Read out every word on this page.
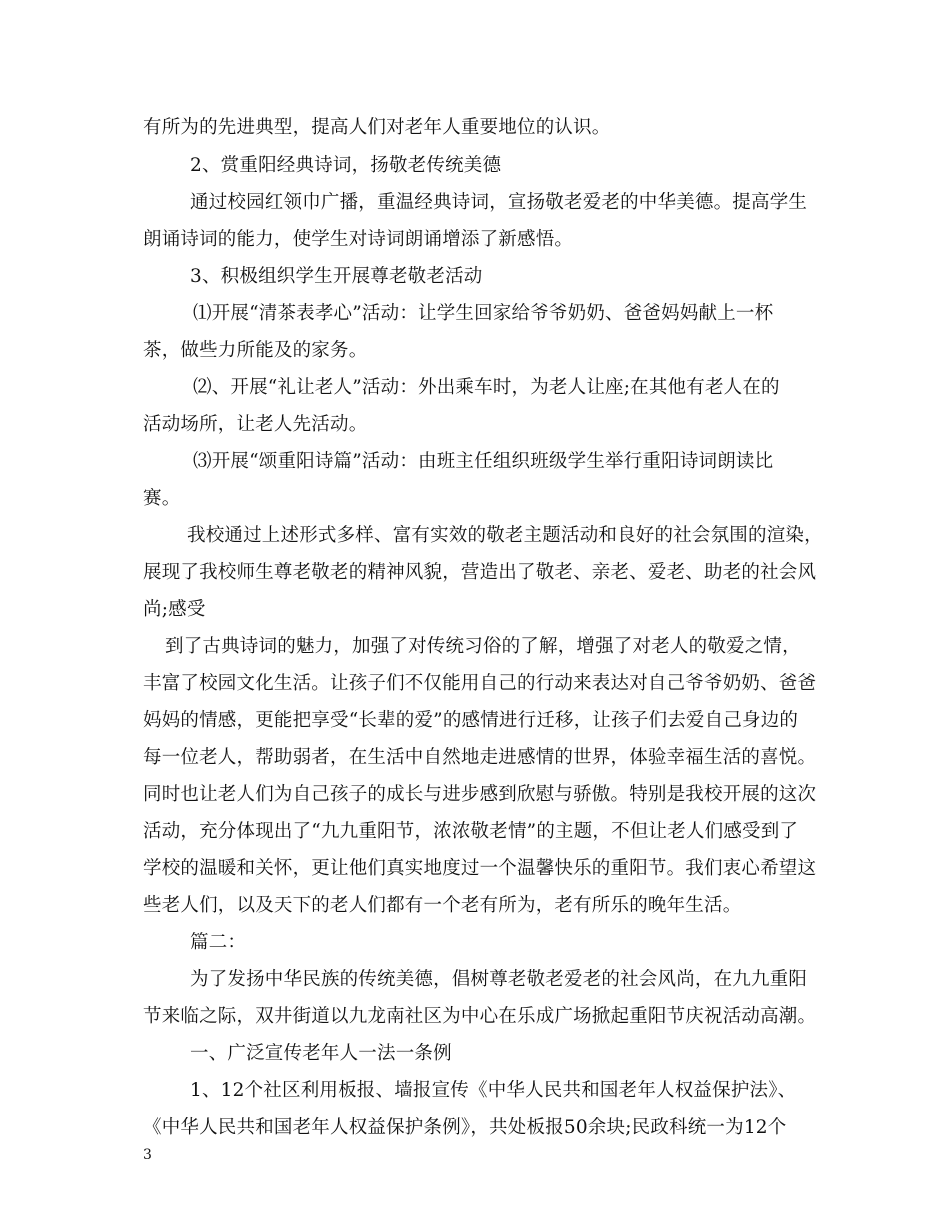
有所为的先进典型，提高人们对老年人重要地位的认识。
2、赏重阳经典诗词，扬敬老传统美德
通过校园红领巾广播，重温经典诗词，宣扬敬老爱老的中华美德。提高学生
朗诵诗词的能力，使学生对诗词朗诵增添了新感悟。
3、积极组织学生开展尊老敬老活动
⑴开展“清茶表孝心”活动：让学生回家给爷爷奶奶、爸爸妈妈献上一杯
茶，做些力所能及的家务。
⑵、开展“礼让老人”活动：外出乘车时，为老人让座;在其他有老人在的
活动场所，让老人先活动。
⑶开展“颂重阳诗篇”活动：由班主任组织班级学生举行重阳诗词朗读比
赛。
我校通过上述形式多样、富有实效的敬老主题活动和良好的社会氛围的渲染，
展现了我校师生尊老敬老的精神风貌，营造出了敬老、亲老、爱老、助老的社会风
尚;感受
到了古典诗词的魅力，加强了对传统习俗的了解，增强了对老人的敬爱之情，
丰富了校园文化生活。让孩子们不仅能用自己的行动来表达对自己爷爷奶奶、爸爸
妈妈的情感，更能把享受“长辈的爱”的感情进行迁移，让孩子们去爱自己身边的
每一位老人，帮助弱者，在生活中自然地走进感情的世界，体验幸福生活的喜悦。
同时也让老人们为自己孩子的成长与进步感到欣慰与骄傲。特别是我校开展的这次
活动，充分体现出了“九九重阳节，浓浓敬老情”的主题，不但让老人们感受到了
学校的温暖和关怀，更让他们真实地度过一个温馨快乐的重阳节。我们衷心希望这
些老人们，以及天下的老人们都有一个老有所为，老有所乐的晚年生活。
篇二：
为了发扬中华民族的传统美德，倡树尊老敬老爱老的社会风尚，在九九重阳
节来临之际，双井街道以九龙南社区为中心在乐成广场掀起重阳节庆祝活动高潮。
一、广泛宣传老年人一法一条例
1、12个社区利用板报、墙报宣传《中华人民共和国老年人权益保护法》、
《中华人民共和国老年人权益保护条例》，共处板报50余块;民政科统一为12个
3
